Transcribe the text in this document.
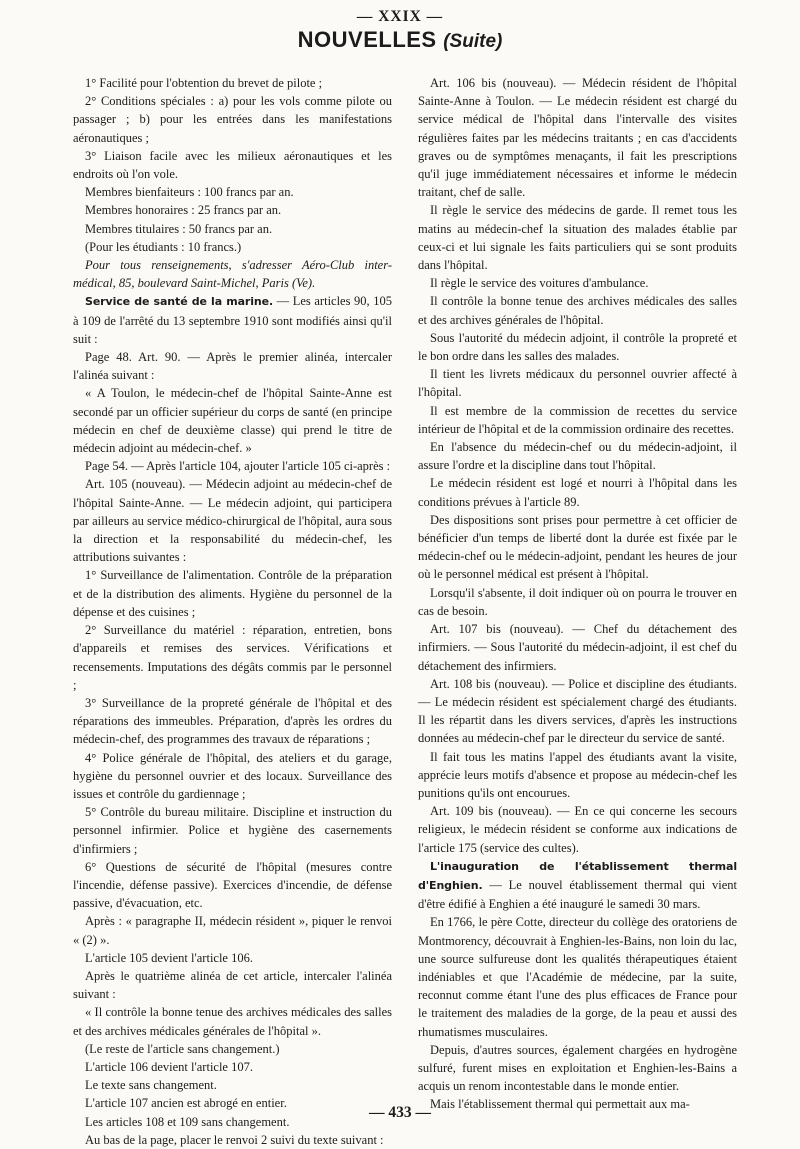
— XXIX —
NOUVELLES (Suite)

1° Facilité pour l'obtention du brevet de pilote ;

2° Conditions spéciales : a) pour les vols comme pilote ou passager ; b) pour les entrées dans les manifestations aéronautiques ;

3° Liaison facile avec les milieux aéronautiques et les endroits où l'on vole.

Membres bienfaiteurs : 100 francs par an.

Membres honoraires : 25 francs par an.

Membres titulaires : 50 francs par an.

(Pour les étudiants : 10 francs.)

Pour tous renseignements, s'adresser Aéro-Club inter-médical, 85, boulevard Saint-Michel, Paris (Ve).

Service de santé de la marine. — Les articles 90, 105 à 109 de l'arrêté du 13 septembre 1910 sont modifiés ainsi qu'il suit :

Page 48. Art. 90. — Après le premier alinéa, intercaler l'alinéa suivant :

« A Toulon, le médecin-chef de l'hôpital Sainte-Anne est secondé par un officier supérieur du corps de santé (en principe médecin en chef de deuxième classe) qui prend le titre de médecin adjoint au médecin-chef. »

Page 54. — Après l'article 104, ajouter l'article 105 ci-après :

Art. 105 (nouveau). — Médecin adjoint au médecin-chef de l'hôpital Sainte-Anne. — Le médecin adjoint, qui participera par ailleurs au service médico-chirurgical de l'hôpital, aura sous la direction et la responsabilité du médecin-chef, les attributions suivantes :

1° Surveillance de l'alimentation. Contrôle de la préparation et de la distribution des aliments. Hygiène du personnel de la dépense et des cuisines ;

2° Surveillance du matériel : réparation, entretien, bons d'appareils et remises des services. Vérifications et recensements. Imputations des dégâts commis par le personnel ;

3° Surveillance de la propreté générale de l'hôpital et des réparations des immeubles. Préparation, d'après les ordres du médecin-chef, des programmes des travaux de réparations ;

4° Police générale de l'hôpital, des ateliers et du garage, hygiène du personnel ouvrier et des locaux. Surveillance des issues et contrôle du gardiennage ;

5° Contrôle du bureau militaire. Discipline et instruction du personnel infirmier. Police et hygiène des casernements d'infirmiers ;

6° Questions de sécurité de l'hôpital (mesures contre l'incendie, défense passive). Exercices d'incendie, de défense passive, d'évacuation, etc.

Après : « paragraphe II, médecin résident », piquer le renvoi « (2) ».

L'article 105 devient l'article 106.

Après le quatrième alinéa de cet article, intercaler l'alinéa suivant :

« Il contrôle la bonne tenue des archives médicales des salles et des archives médicales générales de l'hôpital ».

(Le reste de l'article sans changement.)

L'article 106 devient l'article 107.

Le texte sans changement.

L'article 107 ancien est abrogé en entier.

Les articles 108 et 109 sans changement.

Au bas de la page, placer le renvoi 2 suivi du texte suivant :

Art. 106 bis (nouveau). — Médecin résident de l'hôpital Sainte-Anne à Toulon. — Le médecin résident est chargé du service médical de l'hôpital dans l'intervalle des visites régulières faites par les médecins traitants ; en cas d'accidents graves ou de symptômes menaçants, il fait les prescriptions qu'il juge immédiatement nécessaires et informe le médecin traitant, chef de salle.

Il règle le service des médecins de garde. Il remet tous les matins au médecin-chef la situation des malades établie par ceux-ci et lui signale les faits particuliers qui se sont produits dans l'hôpital.

Il règle le service des voitures d'ambulance.

Il contrôle la bonne tenue des archives médicales des salles et des archives générales de l'hôpital.

Sous l'autorité du médecin adjoint, il contrôle la propreté et le bon ordre dans les salles des malades.

Il tient les livrets médicaux du personnel ouvrier affecté à l'hôpital.

Il est membre de la commission de recettes du service intérieur de l'hôpital et de la commission ordinaire des recettes.

En l'absence du médecin-chef ou du médecin-adjoint, il assure l'ordre et la discipline dans tout l'hôpital.

Le médecin résident est logé et nourri à l'hôpital dans les conditions prévues à l'article 89.

Des dispositions sont prises pour permettre à cet officier de bénéficier d'un temps de liberté dont la durée est fixée par le médecin-chef ou le médecin-adjoint, pendant les heures de jour où le personnel médical est présent à l'hôpital.

Lorsqu'il s'absente, il doit indiquer où on pourra le trouver en cas de besoin.

Art. 107 bis (nouveau). — Chef du détachement des infirmiers. — Sous l'autorité du médecin-adjoint, il est chef du détachement des infirmiers.

Art. 108 bis (nouveau). — Police et discipline des étudiants. — Le médecin résident est spécialement chargé des étudiants. Il les répartit dans les divers services, d'après les instructions données au médecin-chef par le directeur du service de santé.

Il fait tous les matins l'appel des étudiants avant la visite, apprécie leurs motifs d'absence et propose au médecin-chef les punitions qu'ils ont encourues.

Art. 109 bis (nouveau). — En ce qui concerne les secours religieux, le médecin résident se conforme aux indications de l'article 175 (service des cultes).

L'inauguration de l'établissement thermal d'Enghien. — Le nouvel établissement thermal qui vient d'être édifié à Enghien a été inauguré le samedi 30 mars.

En 1766, le père Cotte, directeur du collège des oratoriens de Montmorency, découvrait à Enghien-les-Bains, non loin du lac, une source sulfureuse dont les qualités thérapeutiques étaient indéniables et que l'Académie de médecine, par la suite, reconnut comme étant l'une des plus efficaces de France pour le traitement des maladies de la gorge, de la peau et aussi des rhumatismes musculaires.

Depuis, d'autres sources, également chargées en hydrogène sulfuré, furent mises en exploitation et Enghien-les-Bains a acquis un renom incontestable dans le monde entier.

Mais l'établissement thermal qui permettait aux ma-

— 433 —
